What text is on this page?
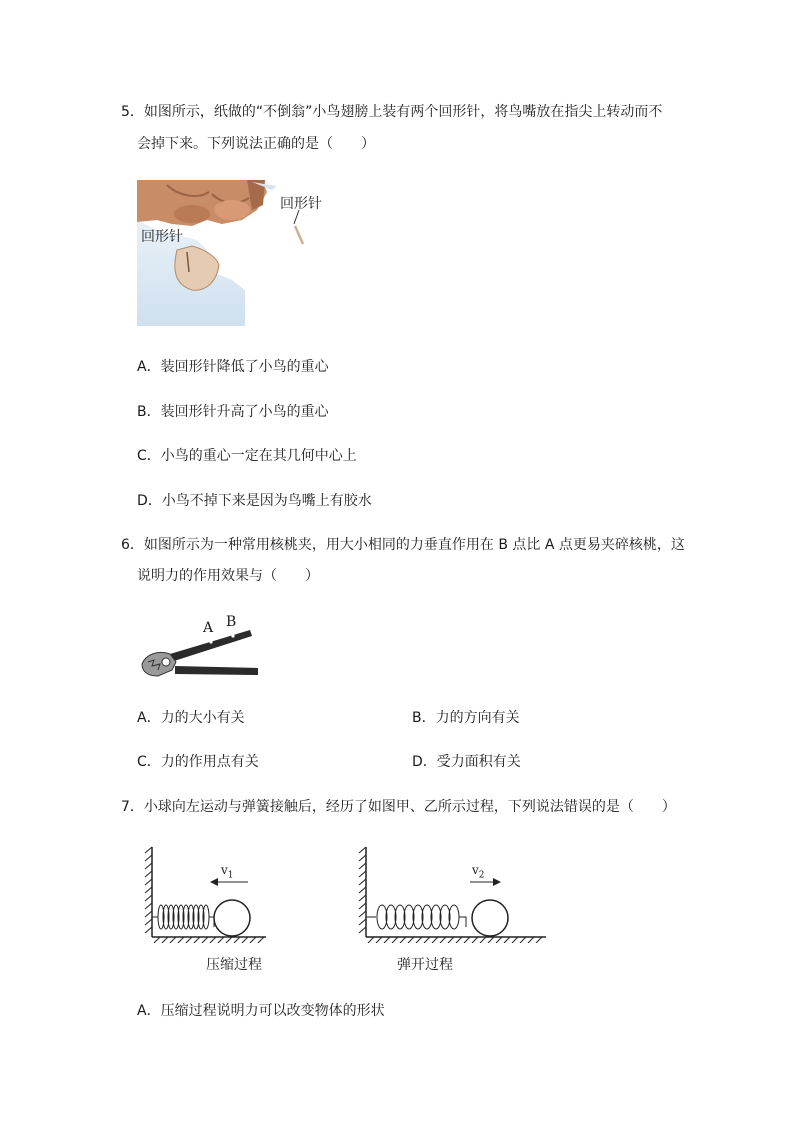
5．如图所示，纸做的“不倒翁”小鸟翅膀上装有两个回形针，将鸟嘴放在指尖上转动而不
会掉下来。下列说法正确的是（　　）
回形针
回形针
A．装回形针降低了小鸟的重心
B．装回形针升高了小鸟的重心
C．小鸟的重心一定在其几何中心上
D．小鸟不掉下来是因为鸟嘴上有胶水
6．如图所示为一种常用核桃夹，用大小相同的力垂直作用在 B 点比 A 点更易夹碎核桃，这
说明力的作用效果与（　　）
A B
A．力的大小有关	B．力的方向有关
C．力的作用点有关	D．受力面积有关
7．小球向左运动与弹簧接触后，经历了如图甲、乙所示过程，下列说法错误的是（　　）
$v_1$	$v_2$
压缩过程	弹开过程
A．压缩过程说明力可以改变物体的形状
